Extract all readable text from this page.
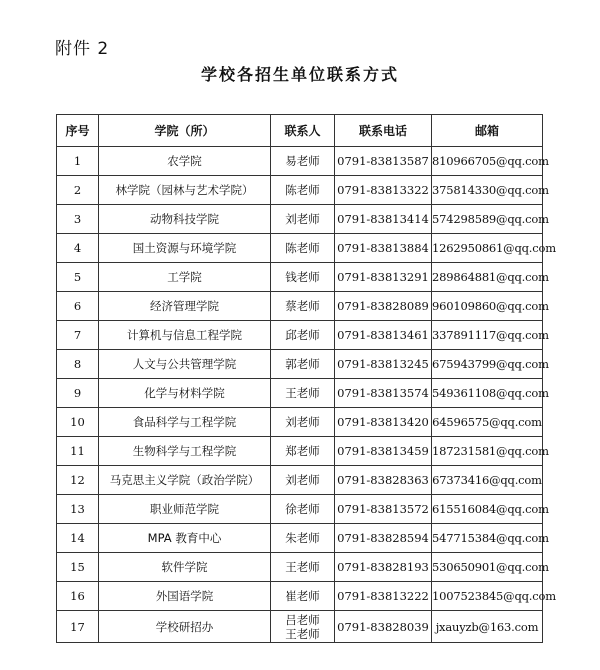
附件 2
学校各招生单位联系方式
序号	学院（所）	联系人	联系电话	邮箱
1	农学院	易老师	0791-83813587	810966705@qq.com
2	林学院（园林与艺术学院）	陈老师	0791-83813322	375814330@qq.com
3	动物科技学院	刘老师	0791-83813414	574298589@qq.com
4	国土资源与环境学院	陈老师	0791-83813884	1262950861@qq.com
5	工学院	钱老师	0791-83813291	289864881@qq.com
6	经济管理学院	蔡老师	0791-83828089	960109860@qq.com
7	计算机与信息工程学院	邱老师	0791-83813461	337891117@qq.com
8	人文与公共管理学院	郭老师	0791-83813245	675943799@qq.com
9	化学与材料学院	王老师	0791-83813574	549361108@qq.com
10	食品科学与工程学院	刘老师	0791-83813420	64596575@qq.com
11	生物科学与工程学院	郑老师	0791-83813459	187231581@qq.com
12	马克思主义学院（政治学院）	刘老师	0791-83828363	67373416@qq.com
13	职业师范学院	徐老师	0791-83813572	615516084@qq.com
14	MPA 教育中心	朱老师	0791-83828594	547715384@qq.com
15	软件学院	王老师	0791-83828193	530650901@qq.com
16	外国语学院	崔老师	0791-83813222	1007523845@qq.com
17	学校研招办	吕老师
王老师	0791-83828039	jxauyzb@163.com
